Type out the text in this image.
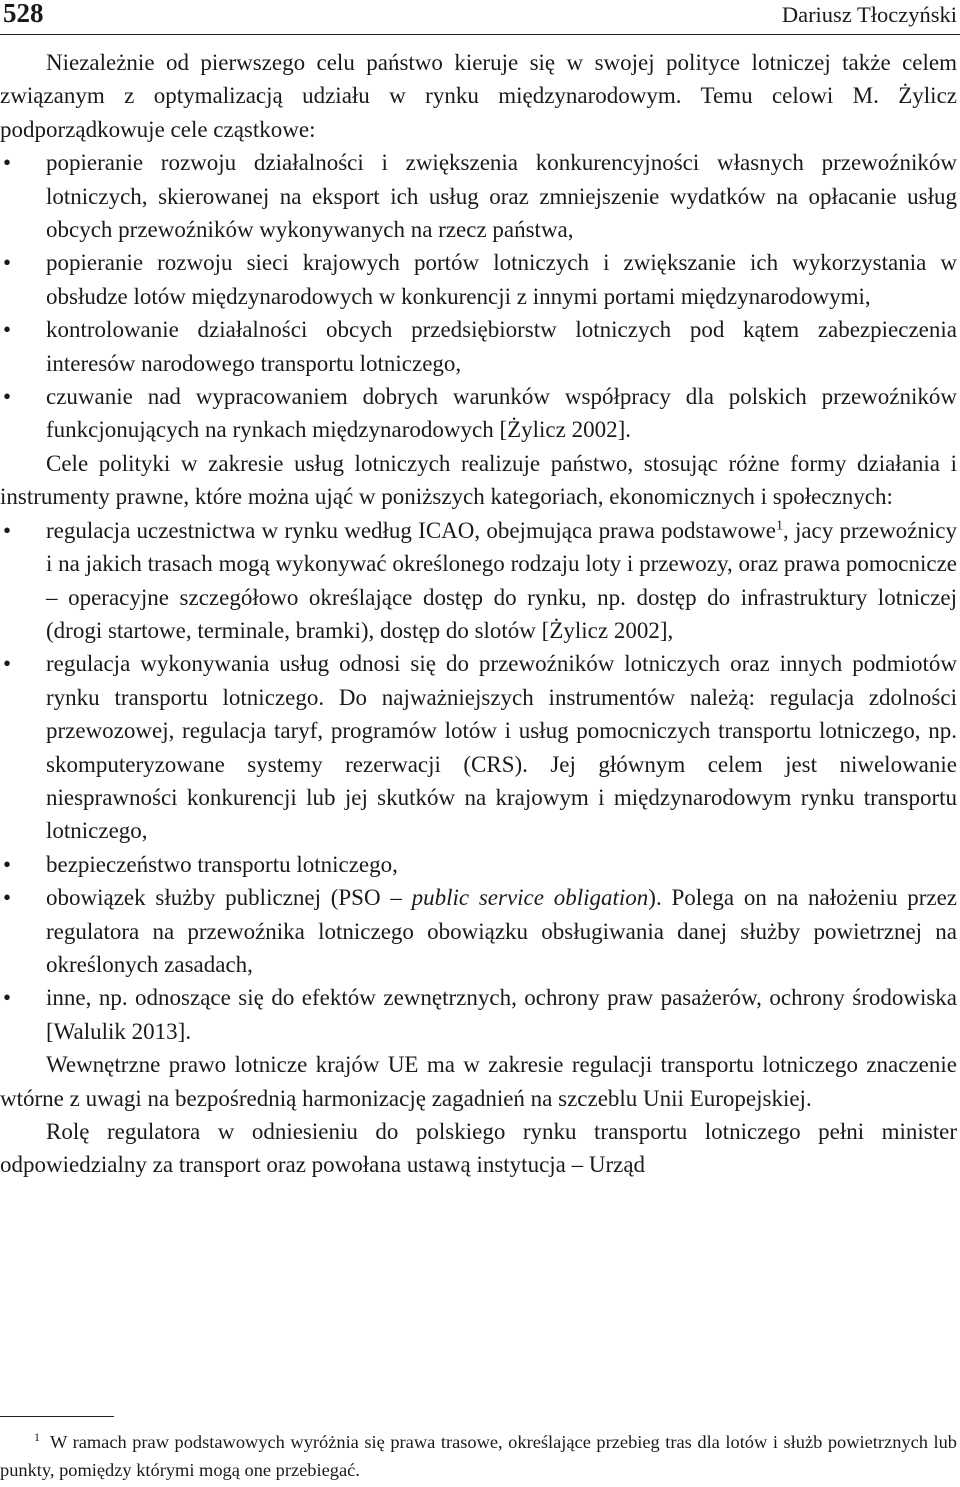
528	Dariusz Tłoczyński

Niezależnie od pierwszego celu państwo kieruje się w swojej polityce lotniczej także celem związanym z optymalizacją udziału w rynku międzynarodowym. Temu celowi M. Żylicz podporządkowuje cele cząstkowe:

• popieranie rozwoju działalności i zwiększenia konkurencyjności własnych przewoźników lotniczych, skierowanej na eksport ich usług oraz zmniejszenie wydatków na opłacanie usług obcych przewoźników wykonywanych na rzecz państwa,
• popieranie rozwoju sieci krajowych portów lotniczych i zwiększanie ich wykorzystania w obsłudze lotów międzynarodowych w konkurencji z innymi portami międzynarodowymi,
• kontrolowanie działalności obcych przedsiębiorstw lotniczych pod kątem zabezpieczenia interesów narodowego transportu lotniczego,
• czuwanie nad wypracowaniem dobrych warunków współpracy dla polskich przewoźników funkcjonujących na rynkach międzynarodowych [Żylicz 2002].

Cele polityki w zakresie usług lotniczych realizuje państwo, stosując różne formy działania i instrumenty prawne, które można ująć w poniższych kategoriach, ekonomicznych i społecznych:

• regulacja uczestnictwa w rynku według ICAO, obejmująca prawa podstawowe$^1$, jacy przewoźnicy i na jakich trasach mogą wykonywać określonego rodzaju loty i przewozy, oraz prawa pomocnicze – operacyjne szczegółowo określające dostęp do rynku, np. dostęp do infrastruktury lotniczej (drogi startowe, terminale, bramki), dostęp do slotów [Żylicz 2002],
• regulacja wykonywania usług odnosi się do przewoźników lotniczych oraz innych podmiotów rynku transportu lotniczego. Do najważniejszych instrumentów należą: regulacja zdolności przewozowej, regulacja taryf, programów lotów i usług pomocniczych transportu lotniczego, np. skomputeryzowane systemy rezerwacji (CRS). Jej głównym celem jest niwelowanie niesprawności konkurencji lub jej skutków na krajowym i międzynarodowym rynku transportu lotniczego,
• bezpieczeństwo transportu lotniczego,
• obowiązek służby publicznej (PSO – public service obligation). Polega on na nałożeniu przez regulatora na przewoźnika lotniczego obowiązku obsługiwania danej służby powietrznej na określonych zasadach,
• inne, np. odnoszące się do efektów zewnętrznych, ochrony praw pasażerów, ochrony środowiska [Walulik 2013].

Wewnętrzne prawo lotnicze krajów UE ma w zakresie regulacji transportu lotniczego znaczenie wtórne z uwagi na bezpośrednią harmonizację zagadnień na szczeblu Unii Europejskiej.

Rolę regulatora w odniesieniu do polskiego rynku transportu lotniczego pełni minister odpowiedzialny za transport oraz powołana ustawą instytucja – Urząd

$^1$ W ramach praw podstawowych wyróżnia się prawa trasowe, określające przebieg tras dla lotów i służb powietrznych lub punkty, pomiędzy którymi mogą one przebiegać.
